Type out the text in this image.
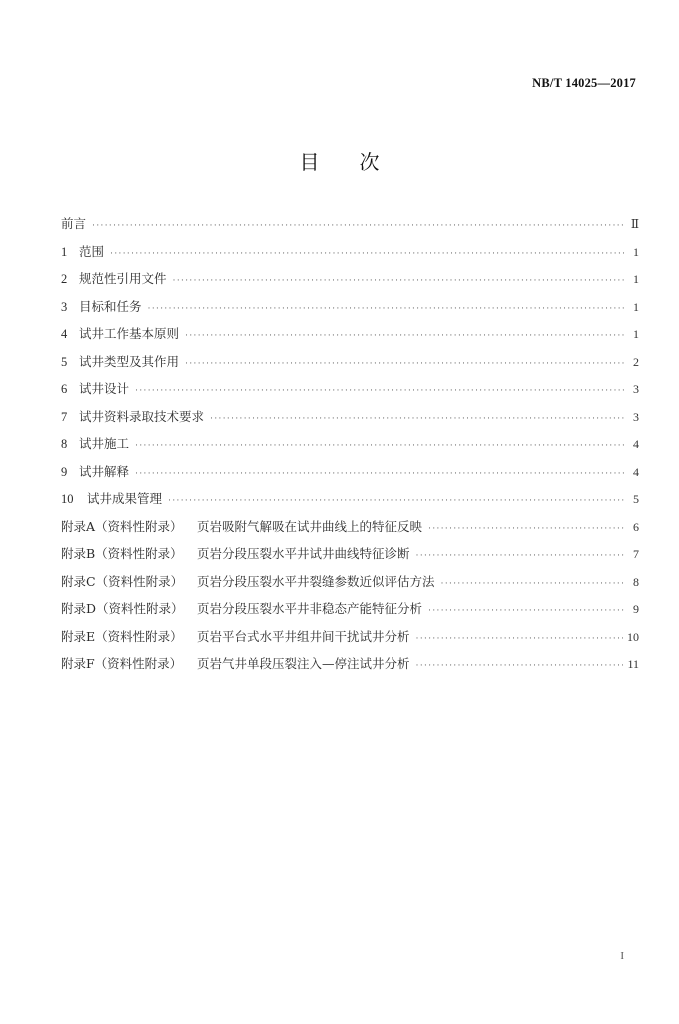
NB/T 14025—2017
目 次
前言 ·····	Ⅱ
1 范围 ·····	1
2 规范性引用文件 ·····	1
3 目标和任务 ·····	1
4 试井工作基本原则 ·····	1
5 试井类型及其作用 ·····	2
6 试井设计 ·····	3
7 试井资料录取技术要求 ·····	3
8 试井施工 ·····	4
9 试井解释 ·····	4
10	试井成果管理 ·····	5
附录A（资料性附录）	页岩吸附气解吸在试井曲线上的特征反映 ·····	6
附录B（资料性附录）	页岩分段压裂水平井试井曲线特征诊断 ·····	7
附录C（资料性附录）	页岩分段压裂水平井裂缝参数近似评估方法 ·····	8
附录D（资料性附录）	页岩分段压裂水平井非稳态产能特征分析 ·····	9
附录E（资料性附录）	页岩平台式水平井组井间干扰试井分析 ·····	10
附录F（资料性附录）	页岩气井单段压裂注入—停注试井分析 ·····	11
I
